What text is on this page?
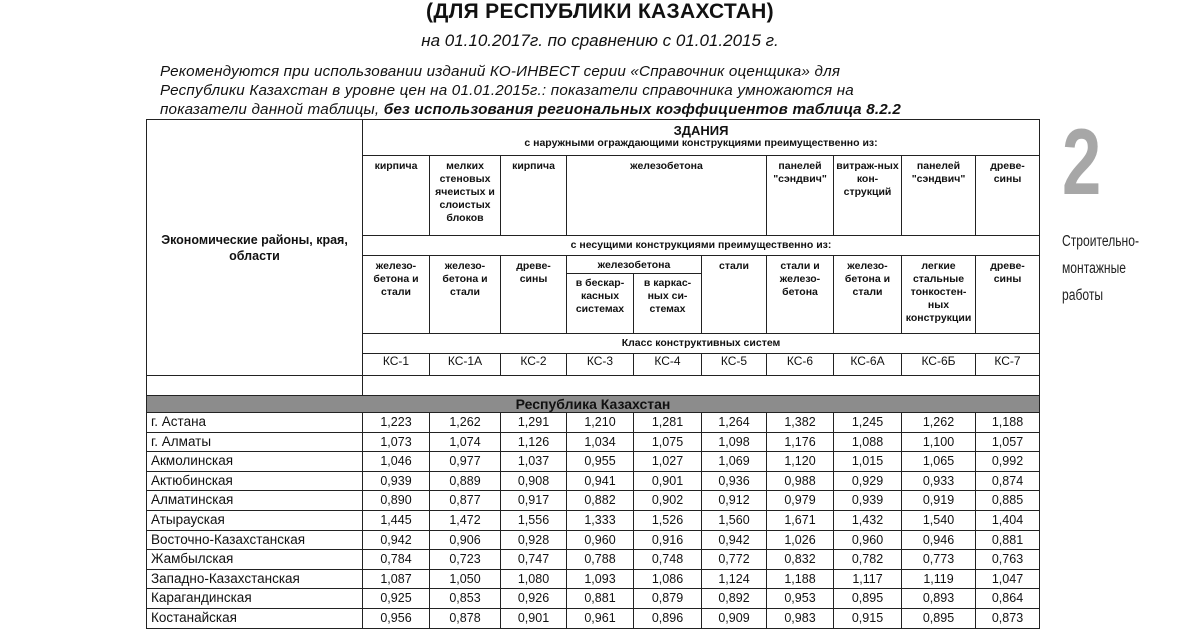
(ДЛЯ РЕСПУБЛИКИ КАЗАХСТАН)
на 01.10.2017г. по сравнению с 01.01.2015 г.
Рекомендуются при использовании изданий КО-ИНВЕСТ серии «Справочник оценщика» для
Республики Казахстан в уровне цен на 01.01.2015г.: показатели справочника умножаются на
показатели данной таблицы, без использования региональных коэффициентов таблица 8.2.2	2
Строительно-
монтажные
работы
Экономические районы, края, области	ЗДАНИЯ
с наружными ограждающими конструкциями преимущественно из:									

	кирпича	мелких стеновых ячеистых и слоистых блоков	кирпича	железобетона			панелей "сэндвич"	витраж-ных кон-струкций	панелей "сэндвич"	древе-сины
	с несущими конструкциями преимущественно из:									
	железо-бетона и стали	железо-бетона и стали	древе-сины	железобетона		стали	стали и железо-бетона	железо-бетона и стали	легкие стальные тонкостен-ных конструкции	древе-сины
				в бескар-касных системах	в каркас-ных си-стемах					
	Класс конструктивных систем									
	КС-1	КС-1А	КС-2	КС-3	КС-4	КС-5	КС-6	КС-6А	КС-6Б	КС-7

Республика Казахстан										
г. Астана	1,223	1,262	1,291	1,210	1,281	1,264	1,382	1,245	1,262	1,188
г. Алматы	1,073	1,074	1,126	1,034	1,075	1,098	1,176	1,088	1,100	1,057
Акмолинская	1,046	0,977	1,037	0,955	1,027	1,069	1,120	1,015	1,065	0,992
Актюбинская	0,939	0,889	0,908	0,941	0,901	0,936	0,988	0,929	0,933	0,874
Алматинская	0,890	0,877	0,917	0,882	0,902	0,912	0,979	0,939	0,919	0,885
Атырауская	1,445	1,472	1,556	1,333	1,526	1,560	1,671	1,432	1,540	1,404
Восточно-Казахстанская	0,942	0,906	0,928	0,960	0,916	0,942	1,026	0,960	0,946	0,881
Жамбылская	0,784	0,723	0,747	0,788	0,748	0,772	0,832	0,782	0,773	0,763
Западно-Казахстанская	1,087	1,050	1,080	1,093	1,086	1,124	1,188	1,117	1,119	1,047
Карагандинская	0,925	0,853	0,926	0,881	0,879	0,892	0,953	0,895	0,893	0,864
Костанайская	0,956	0,878	0,901	0,961	0,896	0,909	0,983	0,915	0,895	0,873
